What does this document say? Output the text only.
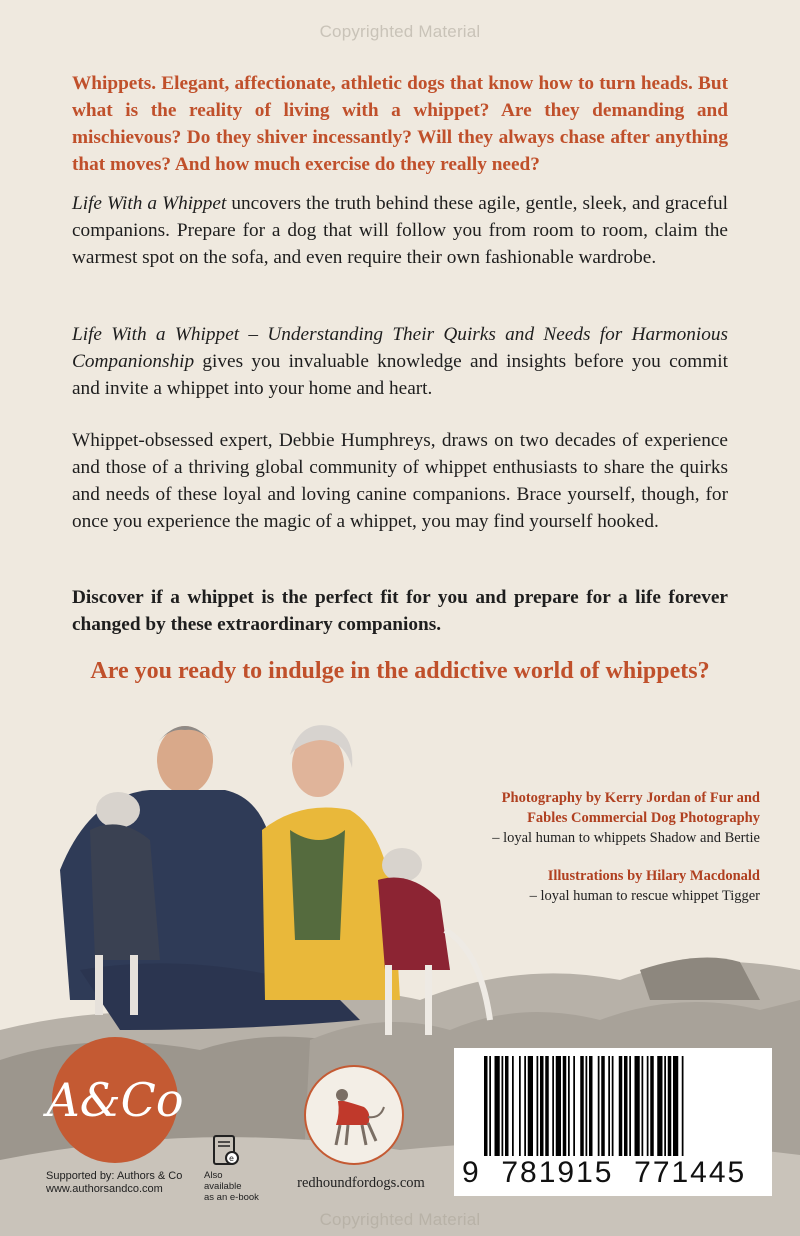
Copyrighted Material
Whippets. Elegant, affectionate, athletic dogs that know how to turn heads. But what is the reality of living with a whippet? Are they demanding and mischievous? Do they shiver incessantly? Will they always chase after anything that moves? And how much exercise do they really need?
Life With a Whippet uncovers the truth behind these agile, gentle, sleek, and graceful companions. Prepare for a dog that will follow you from room to room, claim the warmest spot on the sofa, and even require their own fashionable wardrobe.
Life With a Whippet – Understanding Their Quirks and Needs for Harmonious Companionship gives you invaluable knowledge and insights before you commit and invite a whippet into your home and heart.
Whippet-obsessed expert, Debbie Humphreys, draws on two decades of experience and those of a thriving global community of whippet enthusiasts to share the quirks and needs of these loyal and loving canine companions. Brace yourself, though, for once you experience the magic of a whippet, you may find yourself hooked.
Discover if a whippet is the perfect fit for you and prepare for a life forever changed by these extraordinary companions.
Are you ready to indulge in the addictive world of whippets?
Photography by Kerry Jordan of Fur and
Fables Commercial Dog Photography
– loyal human to whippets Shadow and Bertie
Illustrations by Hilary Macdonald
– loyal human to rescue whippet Tigger
A&Co
Supported by: Authors & Co
www.authorsandco.com
e
Also available
as an e-book
redhoundfordogs.com	9  781915  771445
Copyrighted Material
